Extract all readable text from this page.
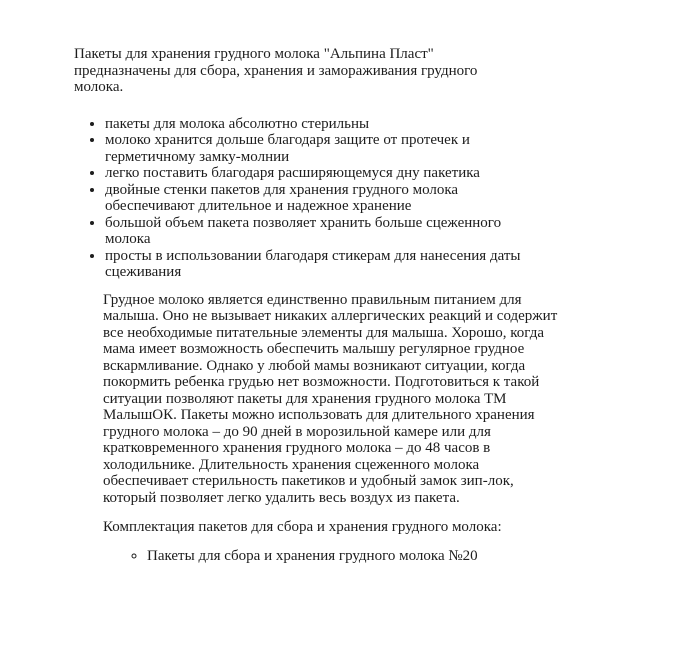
Пакеты для хранения грудного молока "Альпина Пласт" предназначены для сбора, хранения и замораживания грудного молока.

• пакеты для молока абсолютно стерильны
• молоко хранится дольше благодаря защите от протечек и герметичному замку-молнии
• легко поставить благодаря расширяющемуся дну пакетика
• двойные стенки пакетов для хранения грудного молока обеспечивают длительное и надежное хранение
• большой объем пакета позволяет хранить больше сцеженного молока
• просты в использовании благодаря стикерам для нанесения даты сцеживания

Грудное молоко является единственно правильным питанием для малыша. Оно не вызывает никаких аллергических реакций и содержит все необходимые питательные элементы для малыша. Хорошо, когда мама имеет возможность обеспечить малышу регулярное грудное вскармливание. Однако у любой мамы возникают ситуации, когда покормить ребенка грудью нет возможности. Подготовиться к такой ситуации позволяют пакеты для хранения грудного молока ТМ МалышОК. Пакеты можно использовать для длительного хранения грудного молока – до 90 дней в морозильной камере или для кратковременного хранения грудного молока – до 48 часов в холодильнике. Длительность хранения сцеженного молока обеспечивает стерильность пакетиков и удобный замок зип-лок, который позволяет легко удалить весь воздух из пакета.

Комплектация пакетов для сбора и хранения грудного молока:

◦ Пакеты для сбора и хранения грудного молока №20
